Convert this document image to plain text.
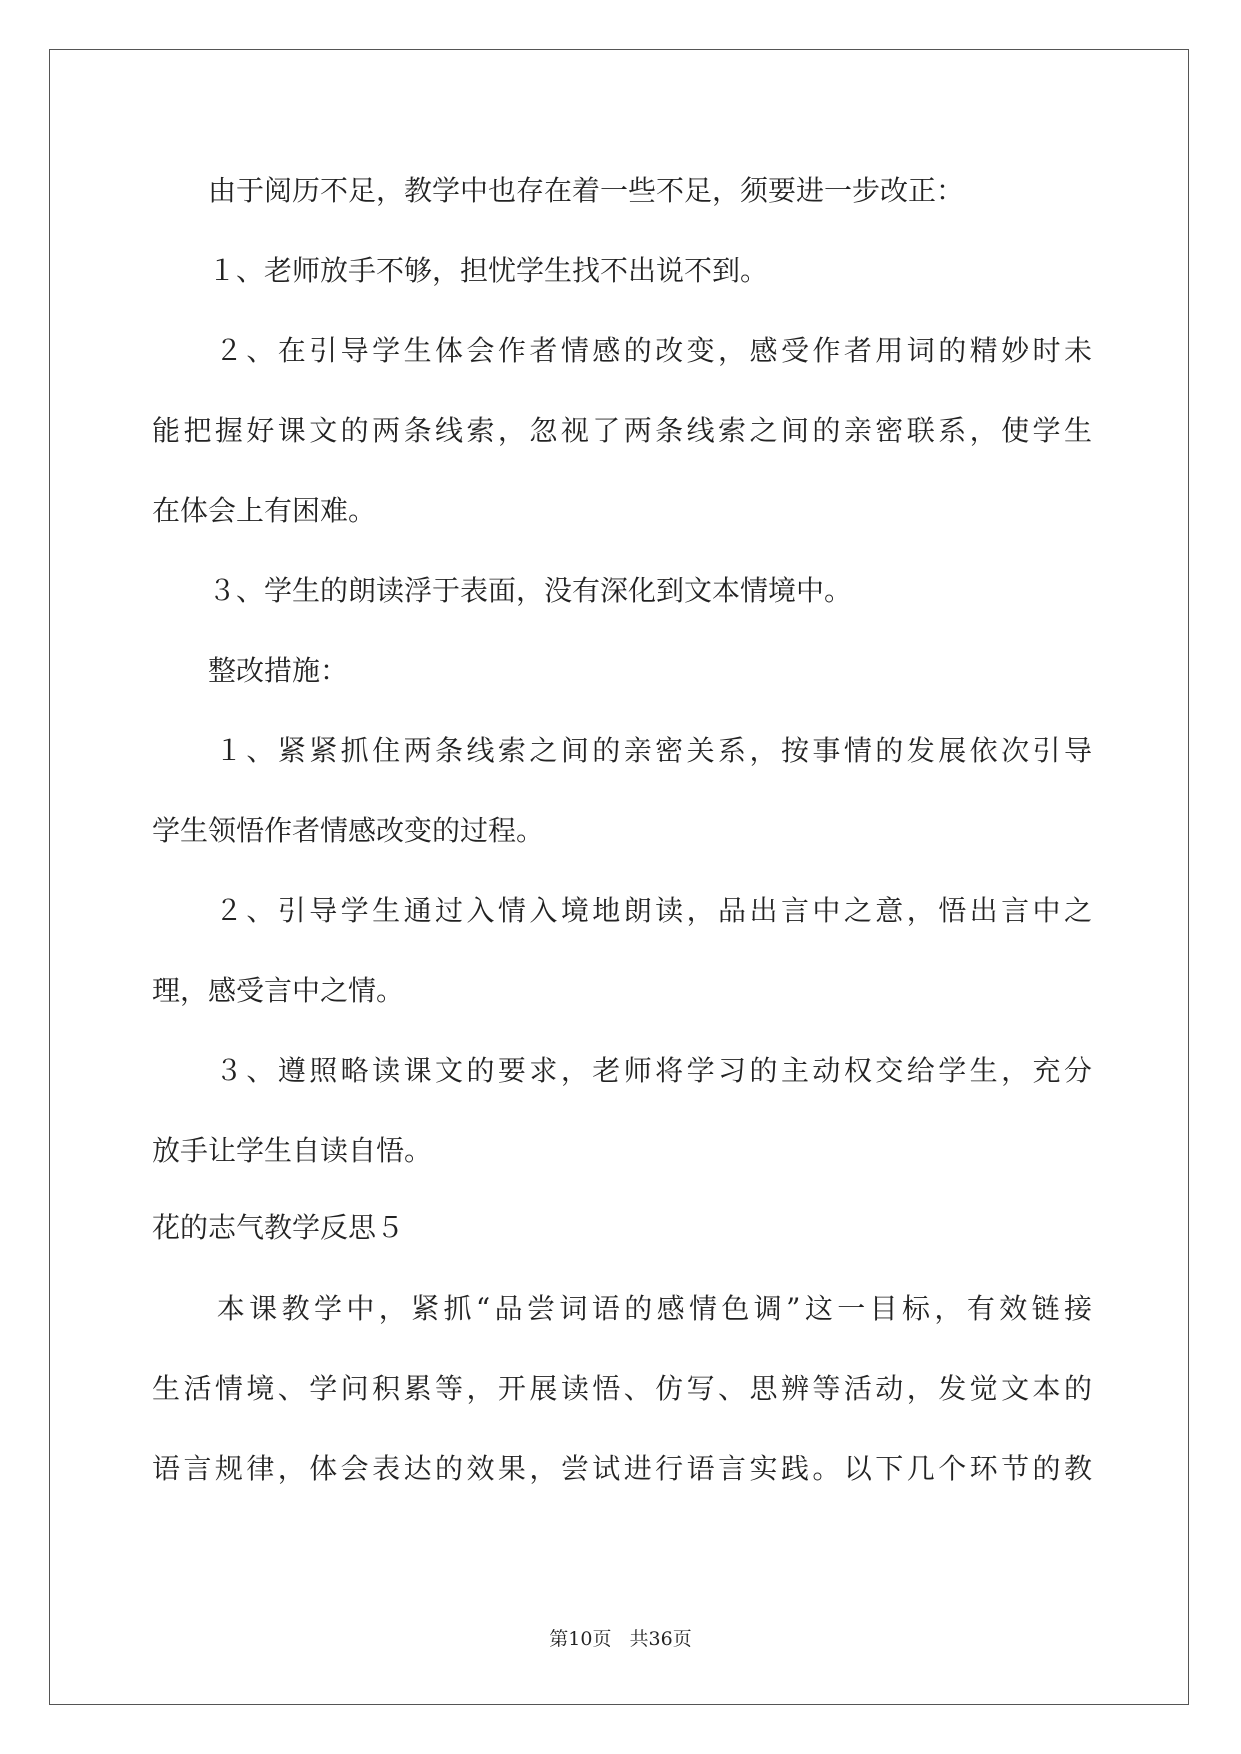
　　由于阅历不足，教学中也存在着一些不足，须要进一步改正：

　　１、老师放手不够，担忧学生找不出说不到。

　　２、在引导学生体会作者情感的改变，感受作者用词的精妙时未

能把握好课文的两条线索，忽视了两条线索之间的亲密联系，使学生

在体会上有困难。

　　３、学生的朗读浮于表面，没有深化到文本情境中。

　　整改措施：

　　１、紧紧抓住两条线索之间的亲密关系，按事情的发展依次引导

学生领悟作者情感改变的过程。

　　２、引导学生通过入情入境地朗读，品出言中之意，悟出言中之

理，感受言中之情。

　　３、遵照略读课文的要求，老师将学习的主动权交给学生，充分

放手让学生自读自悟。

花的志气教学反思５

　　本课教学中，紧抓“品尝词语的感情色调”这一目标，有效链接

生活情境、学问积累等，开展读悟、仿写、思辨等活动，发觉文本的

语言规律，体会表达的效果，尝试进行语言实践。以下几个环节的教

第10页 共36页
